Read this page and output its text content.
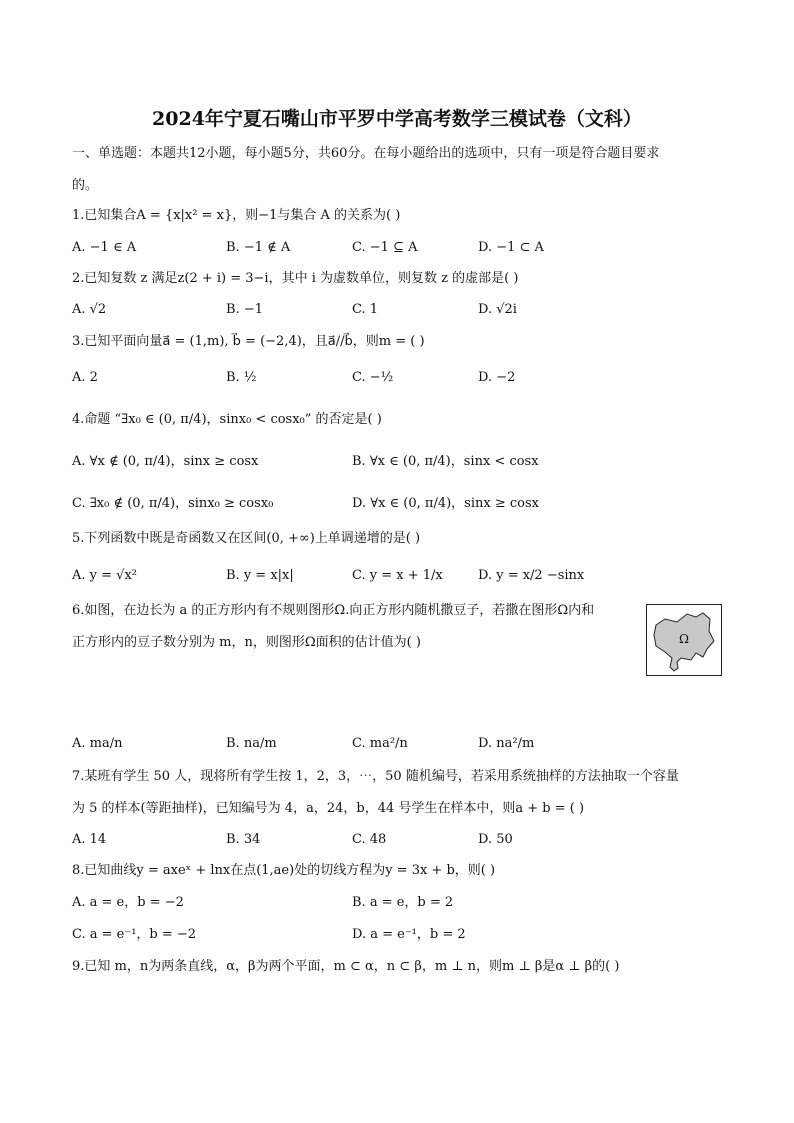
2024年宁夏石嘴山市平罗中学高考数学三模试卷（文科）
一、单选题：本题共12小题，每小题5分，共60分。在每小题给出的选项中，只有一项是符合题目要求
的。
1.已知集合A = {x|x² = x}，则−1与集合 A 的关系为( )
A. −1 ∈ A	B. −1 ∉ A	C. −1 ⊆ A	D. −1 ⊂ A
2.已知复数 z 满足z(2 + i) = 3−i，其中 i 为虚数单位，则复数 z 的虚部是( )
A. √2	B. −1	C. 1	D. √2i
3.已知平面向量a⃗ = (1,m), b⃗ = (−2,4)，且a⃗//b⃗，则m = ( )
A. 2	B. ½	C. −½	D. −2
4.命题 “∃x₀ ∈ (0, π/4)，sinx₀ < cosx₀” 的否定是( )
A. ∀x ∉ (0, π/4)，sinx ≥ cosx	B. ∀x ∈ (0, π/4)，sinx < cosx
C. ∃x₀ ∉ (0, π/4)，sinx₀ ≥ cosx₀	D. ∀x ∈ (0, π/4)，sinx ≥ cosx
5.下列函数中既是奇函数又在区间(0, +∞)上单调递增的是( )
A. y = √x²	B. y = x|x|	C. y = x + 1/x	D. y = x/2 −sinx
6.如图，在边长为 a 的正方形内有不规则图形Ω.向正方形内随机撒豆子，若撒在图形Ω内和
正方形内的豆子数分别为 m，n，则图形Ω面积的估计值为( )	Ω
A. ma/n	B. na/m	C. ma²/n	D. na²/m
7.某班有学生 50 人，现将所有学生按 1，2，3，⋯，50 随机编号，若采用系统抽样的方法抽取一个容量
为 5 的样本(等距抽样)，已知编号为 4，a，24，b，44 号学生在样本中，则a + b = ( )
A. 14	B. 34	C. 48	D. 50
8.已知曲线y = axeˣ + lnx在点(1,ae)处的切线方程为y = 3x + b，则( )
A. a = e，b = −2	B. a = e，b = 2
C. a = e⁻¹，b = −2	D. a = e⁻¹，b = 2
9.已知 m，n为两条直线，α，β为两个平面，m ⊂ α，n ⊂ β，m ⊥ n，则m ⊥ β是α ⊥ β的( )
